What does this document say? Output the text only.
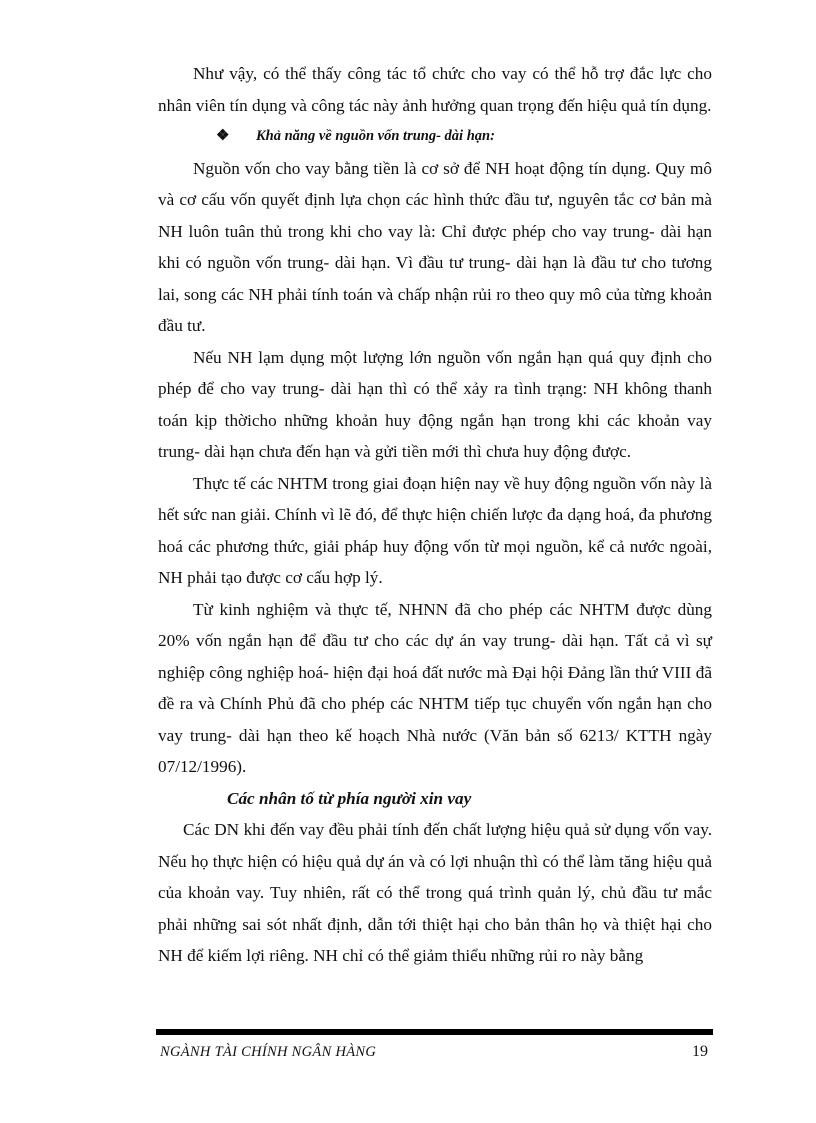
Như vậy, có thể thấy công tác tổ chức cho vay có thể hỗ trợ đắc lực cho nhân viên tín dụng và công tác này ảnh hưởng quan trọng đến hiệu quả tín dụng.

❖ Khả năng về nguồn vốn trung- dài hạn:

Nguồn vốn cho vay bằng tiền là cơ sở để NH hoạt động tín dụng. Quy mô và cơ cấu vốn quyết định lựa chọn các hình thức đầu tư, nguyên tắc cơ bản mà NH luôn tuân thủ trong khi cho vay là: Chỉ được phép cho vay trung- dài hạn khi có nguồn vốn trung- dài hạn. Vì đầu tư trung- dài hạn là đầu tư cho tương lai, song các NH phải tính toán và chấp nhận rủi ro theo quy mô của từng khoản đầu tư.

Nếu NH lạm dụng một lượng lớn nguồn vốn ngắn hạn quá quy định cho phép để cho vay trung- dài hạn thì có thể xảy ra tình trạng: NH không thanh toán kịp thờicho những khoản huy động ngắn hạn trong khi các khoản vay trung- dài hạn chưa đến hạn và gửi tiền mới thì chưa huy động được.

Thực tế các NHTM trong giai đoạn hiện nay về huy động nguồn vốn này là hết sức nan giải. Chính vì lẽ đó, để thực hiện chiến lược đa dạng hoá, đa phương hoá các phương thức, giải pháp huy động vốn từ mọi nguồn, kể cả nước ngoài, NH phải tạo được cơ cấu hợp lý.

Từ kinh nghiệm và thực tế, NHNN đã cho phép các NHTM được dùng 20% vốn ngắn hạn để đầu tư cho các dự án vay trung- dài hạn. Tất cả vì sự nghiệp công nghiệp hoá- hiện đại hoá đất nước mà Đại hội Đảng lần thứ VIII đã đề ra và Chính Phủ đã cho phép các NHTM tiếp tục chuyển vốn ngắn hạn cho vay trung- dài hạn theo kế hoạch Nhà nước (Văn bản số 6213/ KTTH ngày 07/12/1996).

Các nhân tố từ phía người xin vay

Các DN khi đến vay đều phải tính đến chất lượng hiệu quả sử dụng vốn vay. Nếu họ thực hiện có hiệu quả dự án và có lợi nhuận thì có thể làm tăng hiệu quả của khoản vay. Tuy nhiên, rất có thể trong quá trình quản lý, chủ đầu tư mắc phải những sai sót nhất định, dẫn tới thiệt hại cho bản thân họ và thiệt hại cho NH để kiếm lợi riêng. NH chỉ có thể giảm thiểu những rủi ro này bằng

NGÀNH TÀI CHÍNH NGÂN HÀNG	19
